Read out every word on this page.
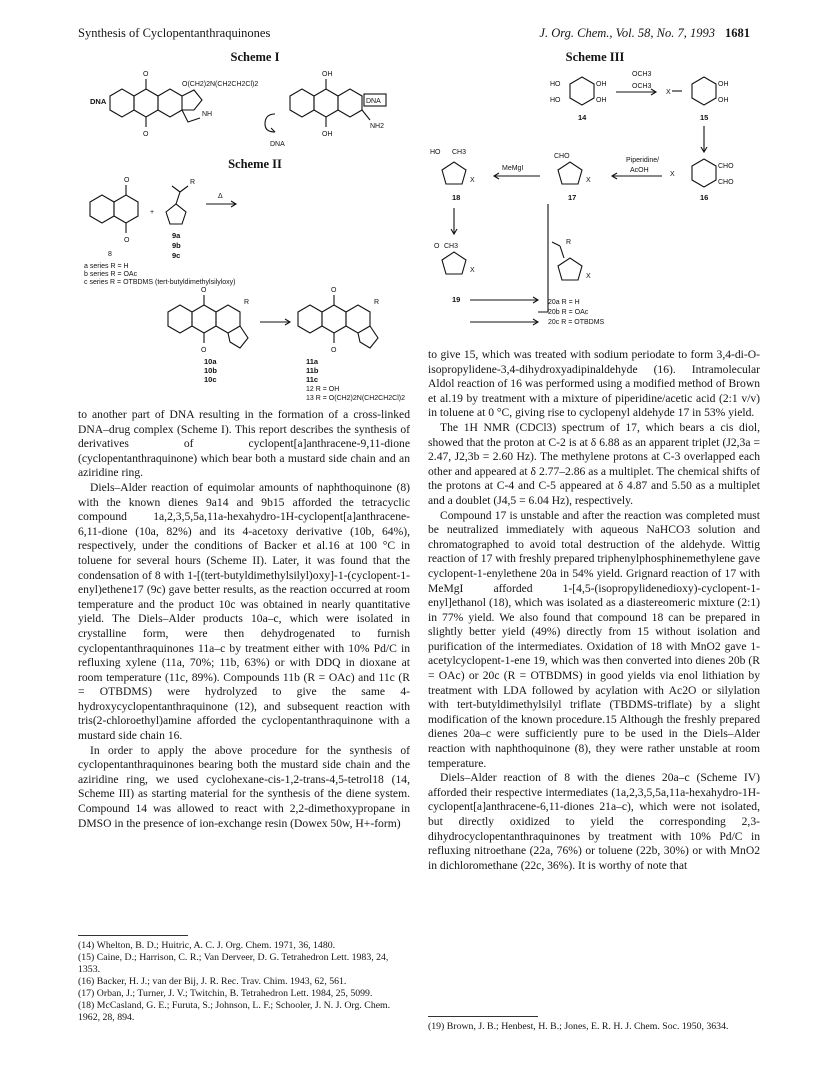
Synthesis of Cyclopentanthraquinones	J. Org. Chem., Vol. 58, No. 7, 1993 1681
Scheme I
Scheme II
Scheme III
DNA
O
O
NH
O(CH2)2N(CH2CH2Cl)2
DNA
OH
OH
DNA
NH2
O
O
8
+
R
Δ
9a
9b
9c
a series R = H
b series R = OAc
c series R = OTBDMS (tert-butyldimethylsilyloxy)
O
O
R
O
O
R
10a
10b
10c
11a
11b
11c
12 R = OH
13 R = O(CH2)2N(CH2CH2Cl)2
HO
HO
OH
OH
14
OCH3
OCH3
X
OH
OH
15
X
CHO
CHO
16
Piperidine/
AcOH
CHO
X
17
MeMgI
HO CH3
X
18
O CH3
X
19
R
X
20a R = H
20b R = OAc
20c R = OTBDMS

to another part of DNA resulting in the formation of a cross-linked DNA–drug complex (Scheme I). This report describes the synthesis of derivatives of cyclopent[a]anthracene-9,11-dione (cyclopentanthraquinone) which bear both a mustard side chain and an aziridine ring.

Diels–Alder reaction of equimolar amounts of naphthoquinone (8) with the known dienes 9a14 and 9b15 afforded the tetracyclic compound 1a,2,3,5,5a,11a-hexahydro-1H-cyclopent[a]anthracene-6,11-dione (10a, 82%) and its 4-acetoxy derivative (10b, 64%), respectively, under the conditions of Backer et al.16 at 100 °C in toluene for several hours (Scheme II). Later, it was found that the condensation of 8 with 1-[(tert-butyldimethylsilyl)oxy]-1-(cyclopent-1-enyl)ethene17 (9c) gave better results, as the reaction occurred at room temperature and the product 10c was obtained in nearly quantitative yield. The Diels–Alder products 10a–c, which were isolated in crystalline form, were then dehydrogenated to furnish cyclopentanthraquinones 11a–c by treatment either with 10% Pd/C in refluxing xylene (11a, 70%; 11b, 63%) or with DDQ in dioxane at room temperature (11c, 89%). Compounds 11b (R = OAc) and 11c (R = OTBDMS) were hydrolyzed to give the same 4-hydroxycyclopentanthraquinone (12), and subsequent reaction with tris(2-chloroethyl)amine afforded the cyclopentanthraquinone with a mustard side chain 16.

In order to apply the above procedure for the synthesis of cyclopentanthraquinones bearing both the mustard side chain and the aziridine ring, we used cyclohexane-cis-1,2-trans-4,5-tetrol18 (14, Scheme III) as starting material for the synthesis of the diene system. Compound 14 was allowed to react with 2,2-dimethoxypropane in DMSO in the presence of ion-exchange resin (Dowex 50w, H+-form)

to give 15, which was treated with sodium periodate to form 3,4-di-O-isopropylidene-3,4-dihydroxyadipinaldehyde (16). Intramolecular Aldol reaction of 16 was performed using a modified method of Brown et al.19 by treatment with a mixture of piperidine/acetic acid (2:1 v/v) in toluene at 0 °C, giving rise to cyclopenyl aldehyde 17 in 53% yield.

The 1H NMR (CDCl3) spectrum of 17, which bears a cis diol, showed that the proton at C-2 is at δ 6.88 as an apparent triplet (J2,3a = 2.47, J2,3b = 2.60 Hz). The methylene protons at C-3 overlapped each other and appeared at δ 2.77–2.86 as a multiplet. The chemical shifts of the protons at C-4 and C-5 appeared at δ 4.87 and 5.50 as a multiplet and a doublet (J4,5 = 6.04 Hz), respectively.

Compound 17 is unstable and after the reaction was completed must be neutralized immediately with aqueous NaHCO3 solution and chromatographed to avoid total destruction of the aldehyde. Wittig reaction of 17 with freshly prepared triphenylphosphinemethylene gave cyclopent-1-enylethene 20a in 54% yield. Grignard reaction of 17 with MeMgI afforded 1-[4,5-(isopropylidenedioxy)-cyclopent-1-enyl]ethanol (18), which was isolated as a diastereomeric mixture (2:1) in 77% yield. We also found that compound 18 can be prepared in slightly better yield (49%) directly from 15 without isolation and purification of the intermediates. Oxidation of 18 with MnO2 gave 1-acetylcyclopent-1-ene 19, which was then converted into dienes 20b (R = OAc) or 20c (R = OTBDMS) in good yields via enol lithiation by treatment with LDA followed by acylation with Ac2O or silylation with tert-butyldimethylsilyl triflate (TBDMS-triflate) by a slight modification of the known procedure.15 Although the freshly prepared dienes 20a–c were sufficiently pure to be used in the Diels–Alder reaction with naphthoquinone (8), they were rather unstable at room temperature.

Diels–Alder reaction of 8 with the dienes 20a–c (Scheme IV) afforded their respective intermediates (1a,2,3,5,5a,11a-hexahydro-1H-cyclopent[a]anthracene-6,11-diones 21a–c), which were not isolated, but directly oxidized to yield the corresponding 2,3-dihydrocyclopentanthraquinones by treatment with 10% Pd/C in refluxing nitroethane (22a, 76%) or toluene (22b, 30%) or with MnO2 in dichloromethane (22c, 36%). It is worthy of note that

(14) Whelton, B. D.; Huitric, A. C. J. Org. Chem. 1971, 36, 1480.
(15) Caine, D.; Harrison, C. R.; Van Derveer, D. G. Tetrahedron Lett. 1983, 24, 1353.
(16) Backer, H. J.; van der Bij, J. R. Rec. Trav. Chim. 1943, 62, 561.
(17) Orban, J.; Turner, J. V.; Twitchin, B. Tetrahedron Lett. 1984, 25, 5099.
(18) McCasland, G. E.; Furuta, S.; Johnson, L. F.; Schooler, J. N. J. Org. Chem. 1962, 28, 894.
(19) Brown, J. B.; Henbest, H. B.; Jones, E. R. H. J. Chem. Soc. 1950, 3634.
